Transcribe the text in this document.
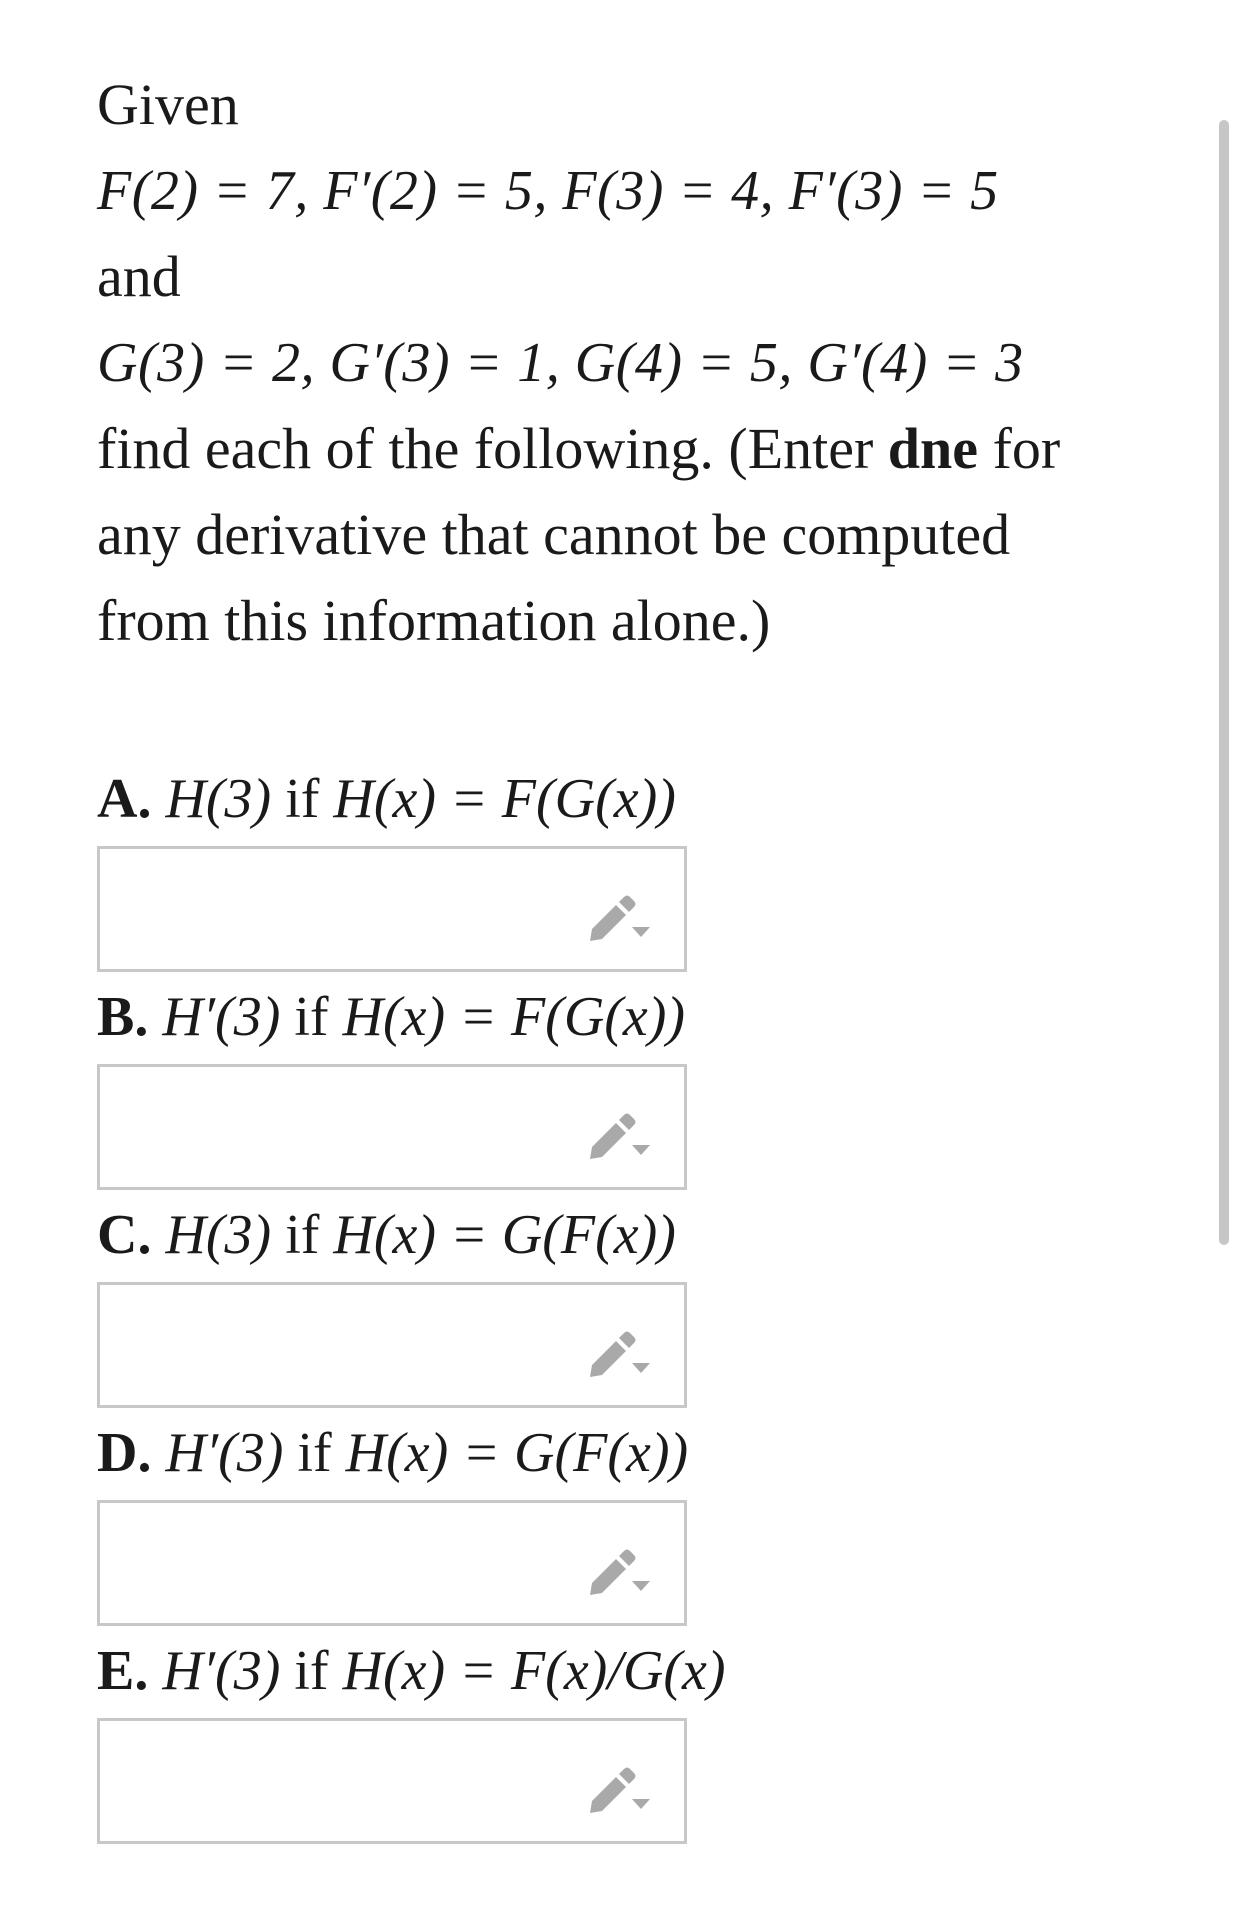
Given

F(2) = 7, F′(2) = 5, F(3) = 4, F′(3) = 5

and

G(3) = 2, G′(3) = 1, G(4) = 5, G′(4) = 3

find each of the following. (Enter dne for any derivative that cannot be computed from this information alone.)

A. H(3) if H(x) = F(G(x))

B. H′(3) if H(x) = F(G(x))

C. H(3) if H(x) = G(F(x))

D. H′(3) if H(x) = G(F(x))

E. H′(3) if H(x) = F(x)/G(x)
